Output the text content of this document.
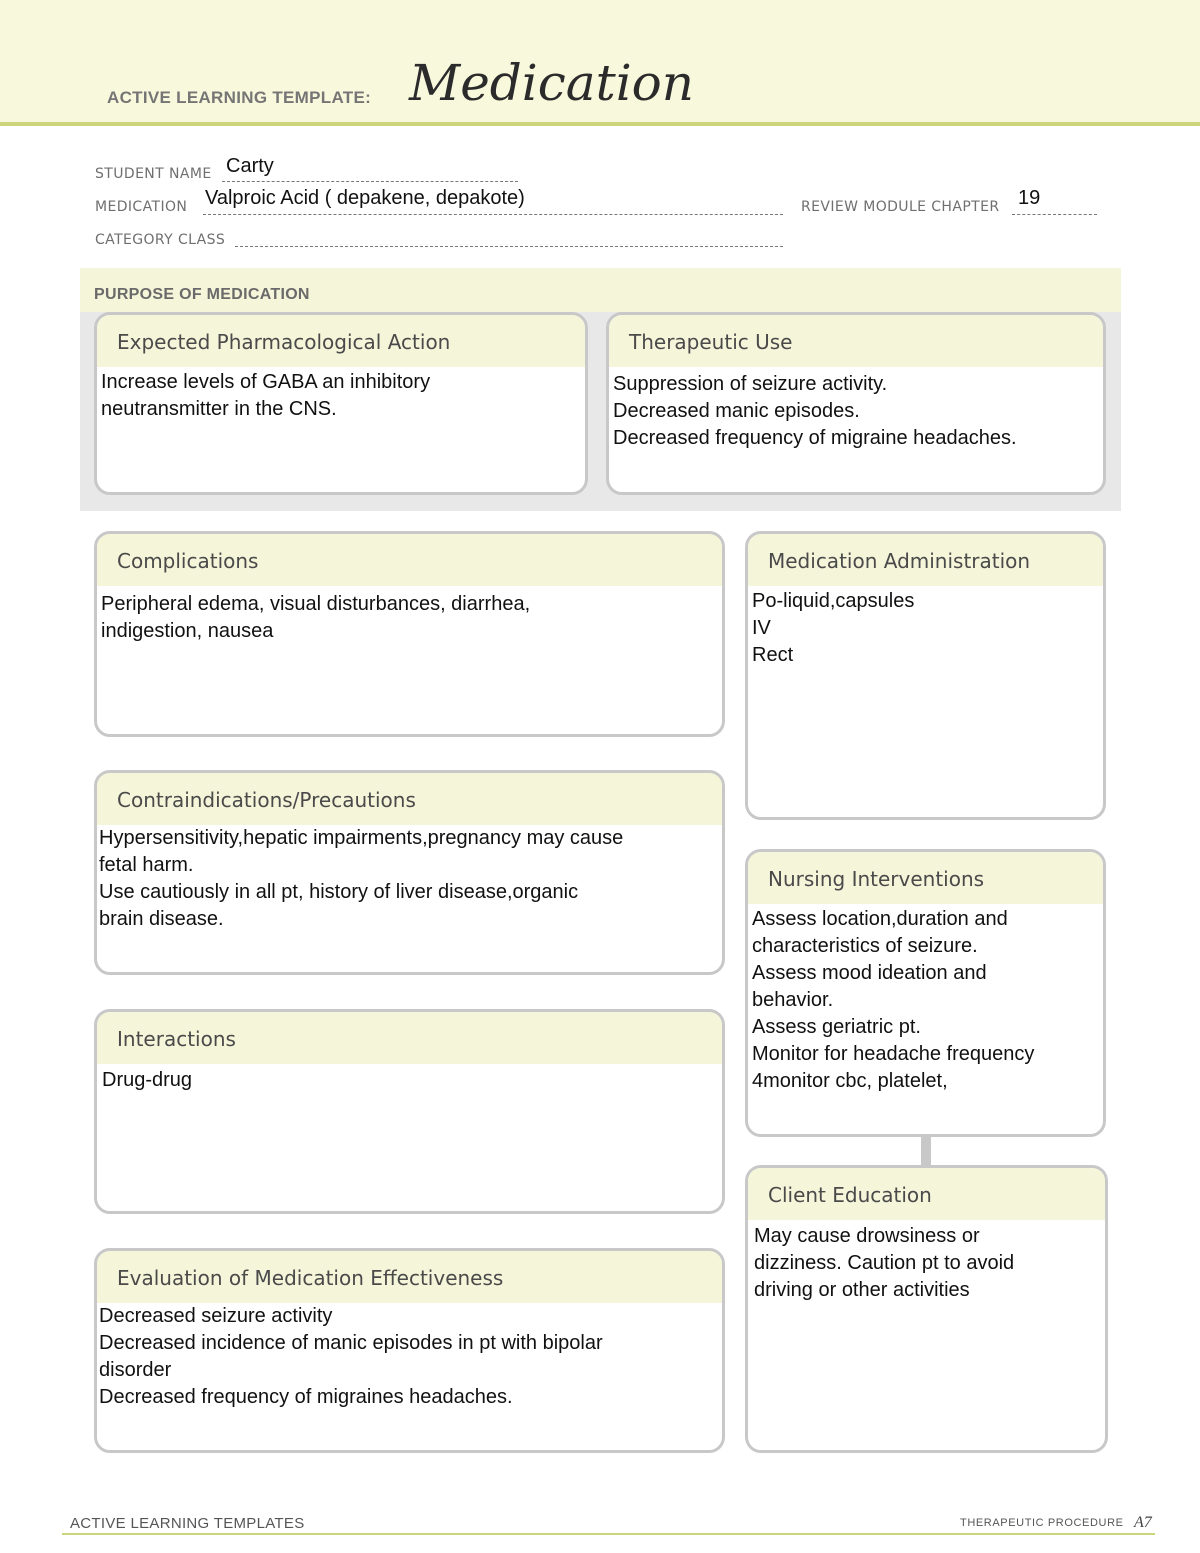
ACTIVE LEARNING TEMPLATE: Medication
STUDENT NAME Carty
MEDICATION Valproic Acid ( depakene, depakote)	REVIEW MODULE CHAPTER 19
CATEGORY CLASS
PURPOSE OF MEDICATION
Expected Pharmacological Action
Increase levels of GABA an inhibitory
neutransmitter in the CNS.
Therapeutic Use
Suppression of seizure activity.
Decreased manic episodes.
Decreased frequency of migraine headaches.
Complications
Peripheral edema, visual disturbances, diarrhea,
indigestion, nausea
Contraindications/Precautions
Hypersensitivity,hepatic impairments,pregnancy may cause
fetal harm.
Use cautiously in all pt, history of liver disease,organic
brain disease.
Interactions
Drug-drug
Evaluation of Medication Effectiveness
Decreased seizure activity
Decreased incidence of manic episodes in pt with bipolar
disorder
Decreased frequency of migraines headaches.
Medication Administration
Po-liquid,capsules
IV
Rect
Nursing Interventions
Assess location,duration and
characteristics of seizure.
Assess mood ideation and
behavior.
Assess geriatric pt.
Monitor for headache frequency
4monitor cbc, platelet,
Client Education
May cause drowsiness or
dizziness. Caution pt to avoid
driving or other activities
ACTIVE LEARNING TEMPLATES	THERAPEUTIC PROCEDURE A7
